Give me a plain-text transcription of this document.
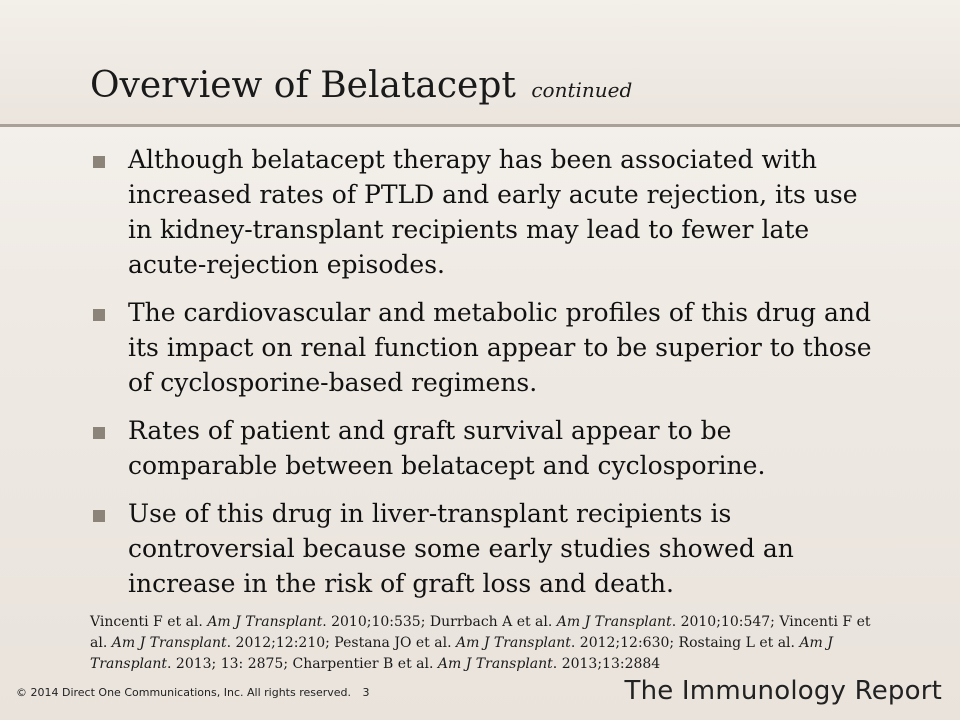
Overview of Belatacept continued
Although belatacept therapy has been associated with increased rates of PTLD and early acute rejection, its use in kidney-transplant recipients may lead to fewer late acute-rejection episodes.
The cardiovascular and metabolic profiles of this drug and its impact on renal function appear to be superior to those of cyclosporine-based regimens.
Rates of patient and graft survival appear to be comparable between belatacept and cyclosporine.
Use of this drug in liver-transplant recipients is controversial because some early studies showed an increase in the risk of graft loss and death.
Vincenti F et al. Am J Transplant. 2010;10:535; Durrbach A et al. Am J Transplant. 2010;10:547; Vincenti F et al. Am J Transplant. 2012;12:210; Pestana JO et al. Am J Transplant. 2012;12:630; Rostaing L et al. Am J Transplant. 2013; 13: 2875; Charpentier B et al. Am J Transplant. 2013;13:2884
© 2014 Direct One Communications, Inc. All rights reserved. 3	The Immunology Report
